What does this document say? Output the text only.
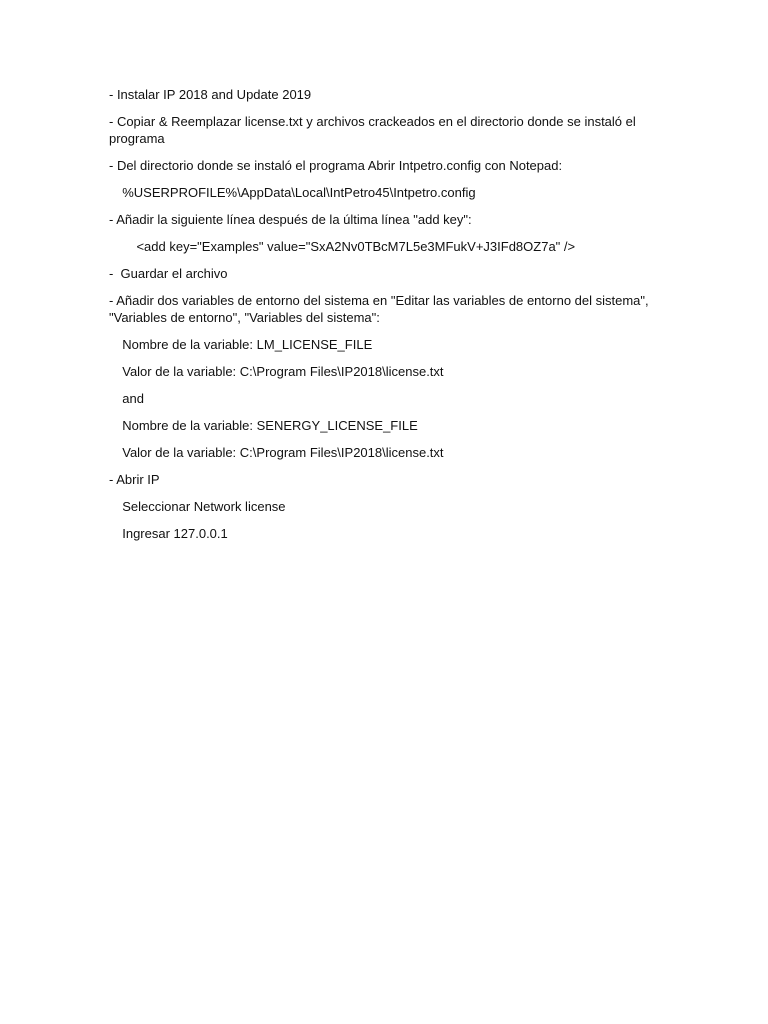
- Instalar IP 2018 and Update 2019
- Copiar & Reemplazar license.txt y archivos crackeados en el directorio donde se instaló el programa
- Del directorio donde se instaló el programa Abrir Intpetro.config con Notepad:
%USERPROFILE%\AppData\Local\IntPetro45\Intpetro.config
- Añadir la siguiente línea después de la última línea "add key":
<add key="Examples" value="SxA2Nv0TBcM7L5e3MFukV+J3IFd8OZ7a" />
-  Guardar el archivo
- Añadir dos variables de entorno del sistema en "Editar las variables de entorno del sistema", "Variables de entorno", "Variables del sistema":
Nombre de la variable: LM_LICENSE_FILE
Valor de la variable: C:\Program Files\IP2018\license.txt
and
Nombre de la variable: SENERGY_LICENSE_FILE
Valor de la variable: C:\Program Files\IP2018\license.txt
- Abrir IP
Seleccionar Network license
Ingresar 127.0.0.1
